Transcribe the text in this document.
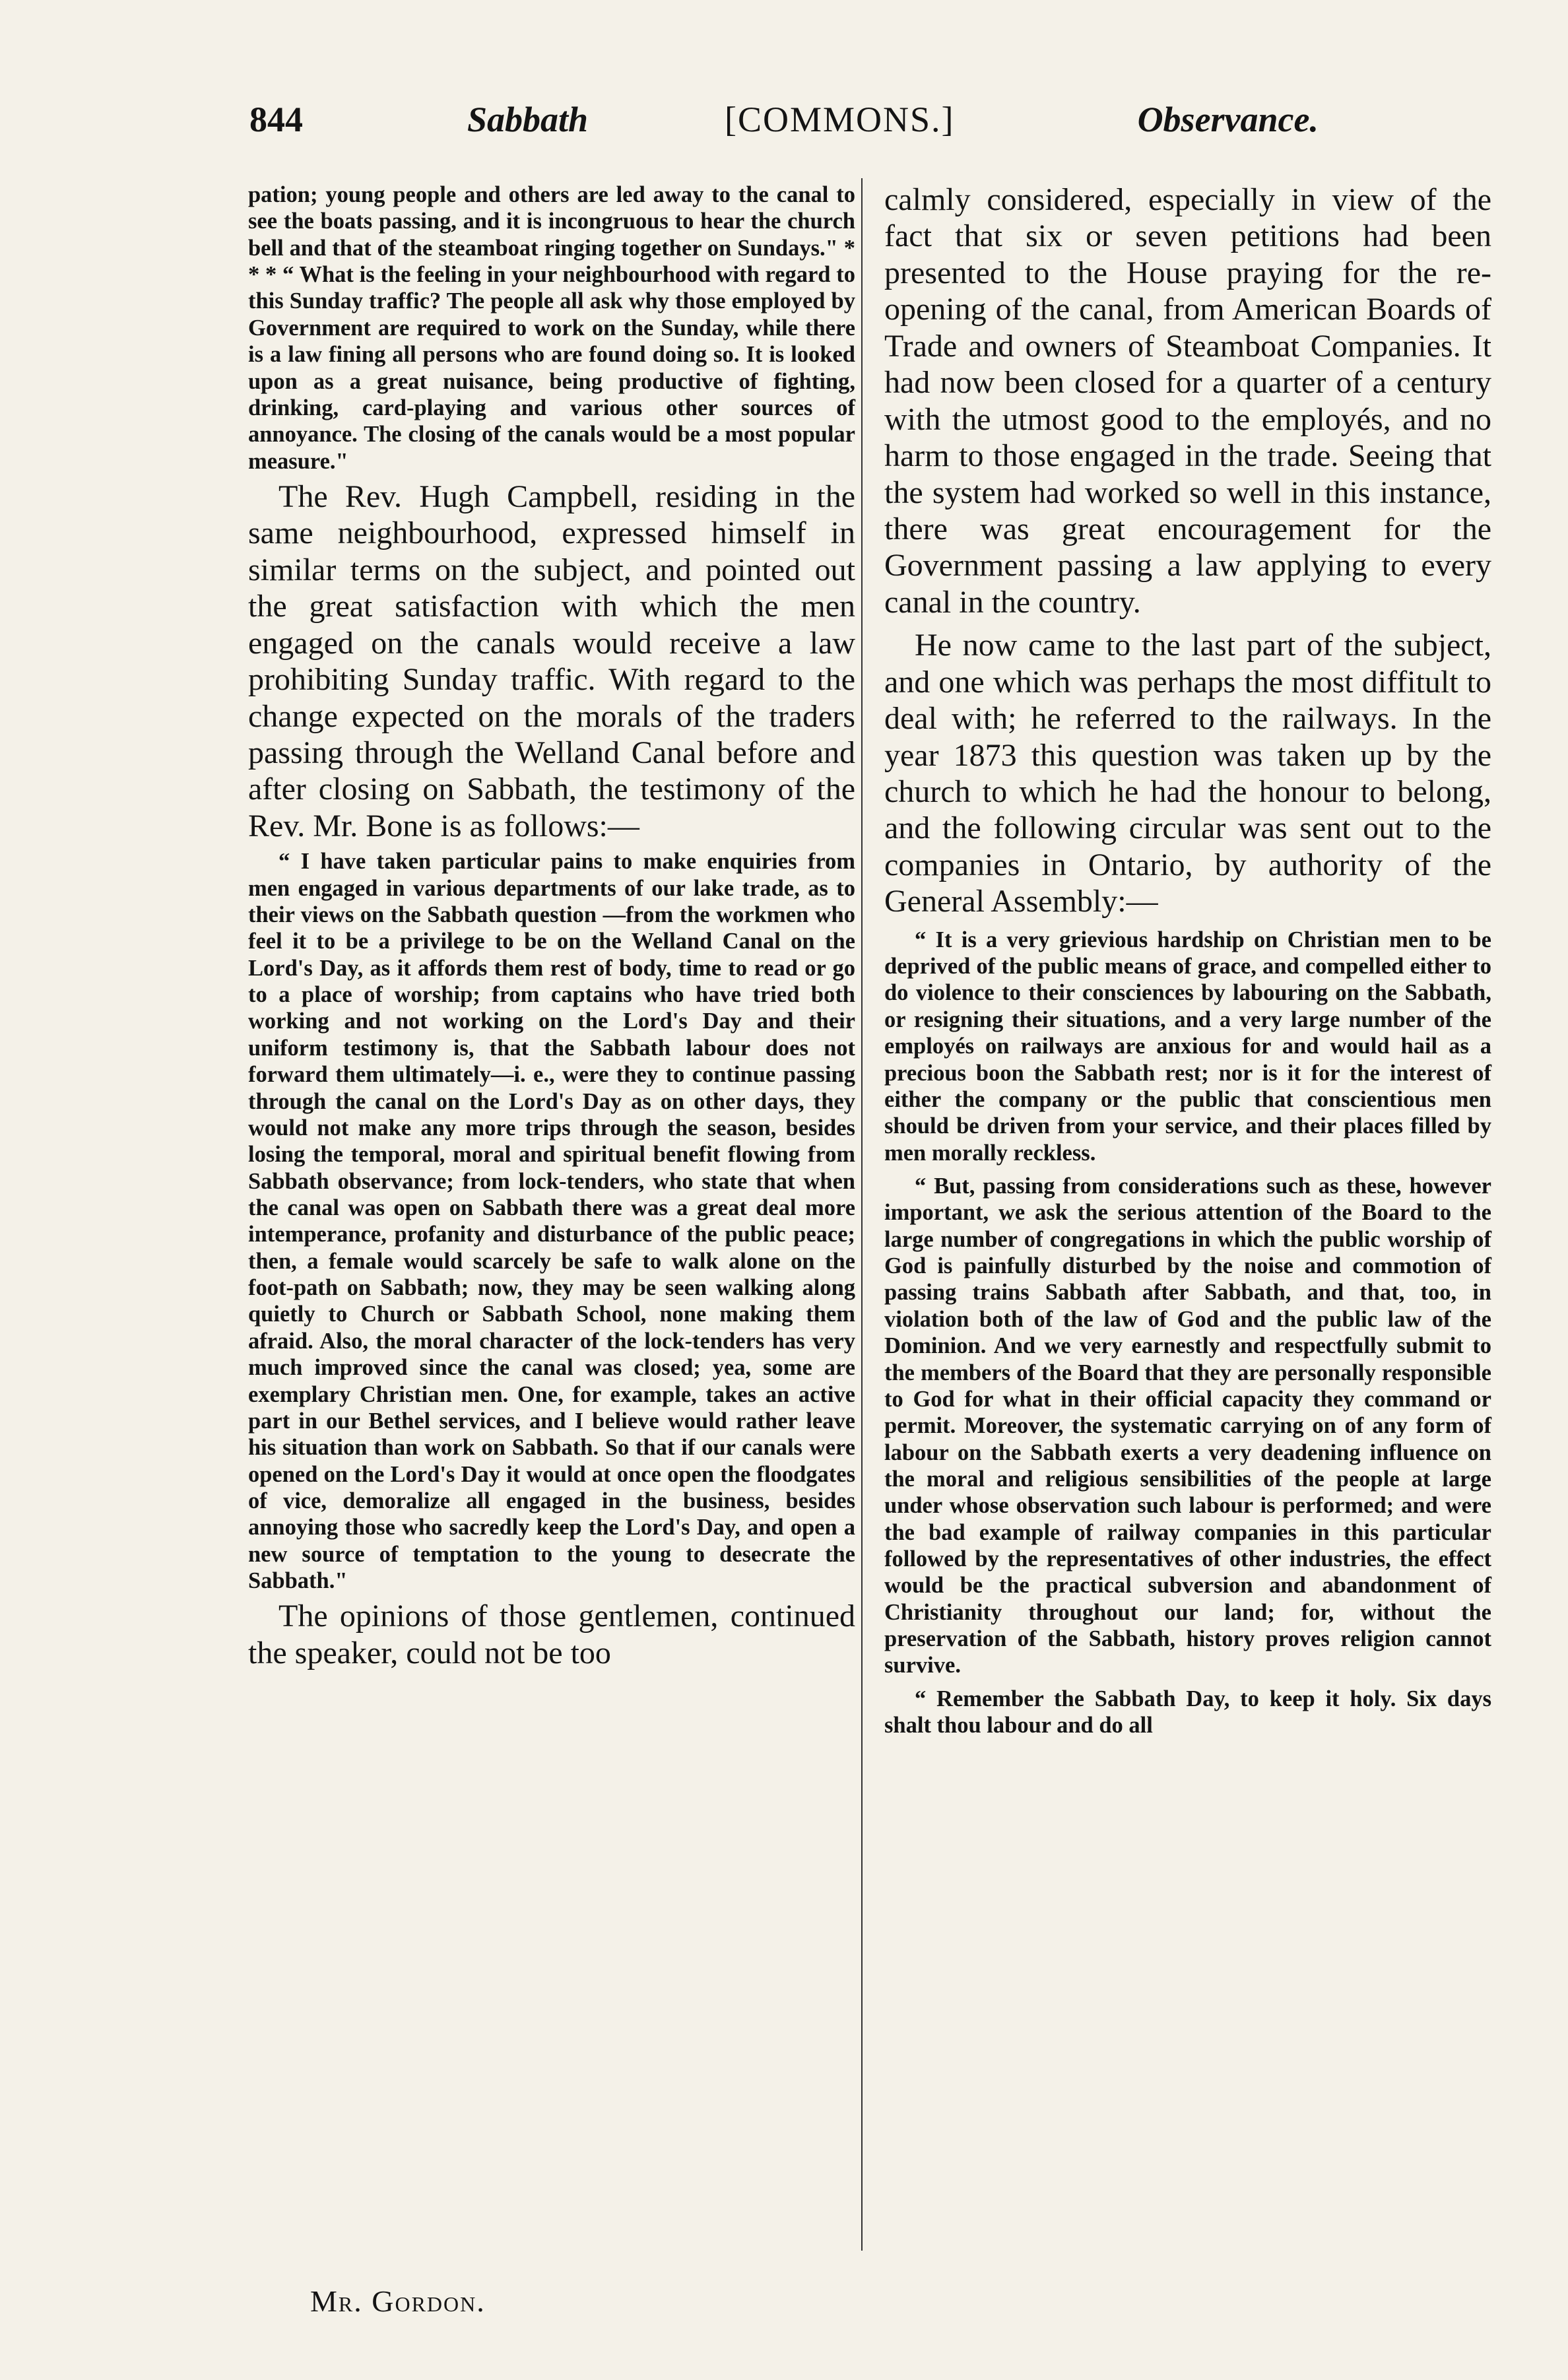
844	Sabbath	[COMMONS.]	Observance.

pation; young people and others are led away to the canal to see the boats passing, and it is incongruous to hear the church bell and that of the steamboat ringing together on Sundays." * * * “ What is the feeling in your neighbourhood with regard to this Sunday traffic? The people all ask why those employed by Government are required to work on the Sunday, while there is a law fining all persons who are found doing so. It is looked upon as a great nuisance, being productive of fighting, drinking, card-playing and various other sources of annoyance. The closing of the canals would be a most popular measure."

The Rev. Hugh Campbell, residing in the same neighbourhood, expressed himself in similar terms on the subject, and pointed out the great satisfaction with which the men engaged on the canals would receive a law prohibiting Sunday traffic. With regard to the change expected on the morals of the traders passing through the Welland Canal before and after closing on Sabbath, the testimony of the Rev. Mr. Bone is as follows:—

“ I have taken particular pains to make enquiries from men engaged in various departments of our lake trade, as to their views on the Sabbath question —from the workmen who feel it to be a privilege to be on the Welland Canal on the Lord's Day, as it affords them rest of body, time to read or go to a place of worship; from captains who have tried both working and not working on the Lord's Day and their uniform testimony is, that the Sabbath labour does not forward them ultimately—i. e., were they to continue passing through the canal on the Lord's Day as on other days, they would not make any more trips through the season, besides losing the temporal, moral and spiritual benefit flowing from Sabbath observance; from lock-tenders, who state that when the canal was open on Sabbath there was a great deal more intemperance, profanity and disturbance of the public peace; then, a female would scarcely be safe to walk alone on the foot-path on Sabbath; now, they may be seen walking along quietly to Church or Sabbath School, none making them afraid. Also, the moral character of the lock-tenders has very much improved since the canal was closed; yea, some are exemplary Christian men. One, for example, takes an active part in our Bethel services, and I believe would rather leave his situation than work on Sabbath. So that if our canals were opened on the Lord's Day it would at once open the floodgates of vice, demoralize all engaged in the business, besides annoying those who sacredly keep the Lord's Day, and open a new source of temptation to the young to desecrate the Sabbath."

The opinions of those gentlemen, continued the speaker, could not be too

calmly considered, especially in view of the fact that six or seven petitions had been presented to the House praying for the re-opening of the canal, from American Boards of Trade and owners of Steamboat Companies. It had now been closed for a quarter of a century with the utmost good to the employés, and no harm to those engaged in the trade. Seeing that the system had worked so well in this instance, there was great encouragement for the Government passing a law applying to every canal in the country.

He now came to the last part of the subject, and one which was perhaps the most diffitult to deal with; he referred to the railways. In the year 1873 this question was taken up by the church to which he had the honour to belong, and the following circular was sent out to the companies in Ontario, by authority of the General Assembly:—

“ It is a very grievious hardship on Christian men to be deprived of the public means of grace, and compelled either to do violence to their consciences by labouring on the Sabbath, or resigning their situations, and a very large number of the employés on railways are anxious for and would hail as a precious boon the Sabbath rest; nor is it for the interest of either the company or the public that conscientious men should be driven from your service, and their places filled by men morally reckless.

“ But, passing from considerations such as these, however important, we ask the serious attention of the Board to the large number of congregations in which the public worship of God is painfully disturbed by the noise and commotion of passing trains Sabbath after Sabbath, and that, too, in violation both of the law of God and the public law of the Dominion. And we very earnestly and respectfully submit to the members of the Board that they are personally responsible to God for what in their official capacity they command or permit. Moreover, the systematic carrying on of any form of labour on the Sabbath exerts a very deadening influence on the moral and religious sensibilities of the people at large under whose observation such labour is performed; and were the bad example of railway companies in this particular followed by the representatives of other industries, the effect would be the practical subversion and abandonment of Christianity throughout our land; for, without the preservation of the Sabbath, history proves religion cannot survive.

“ Remember the Sabbath Day, to keep it holy. Six days shalt thou labour and do all

Mr. Gordon.
